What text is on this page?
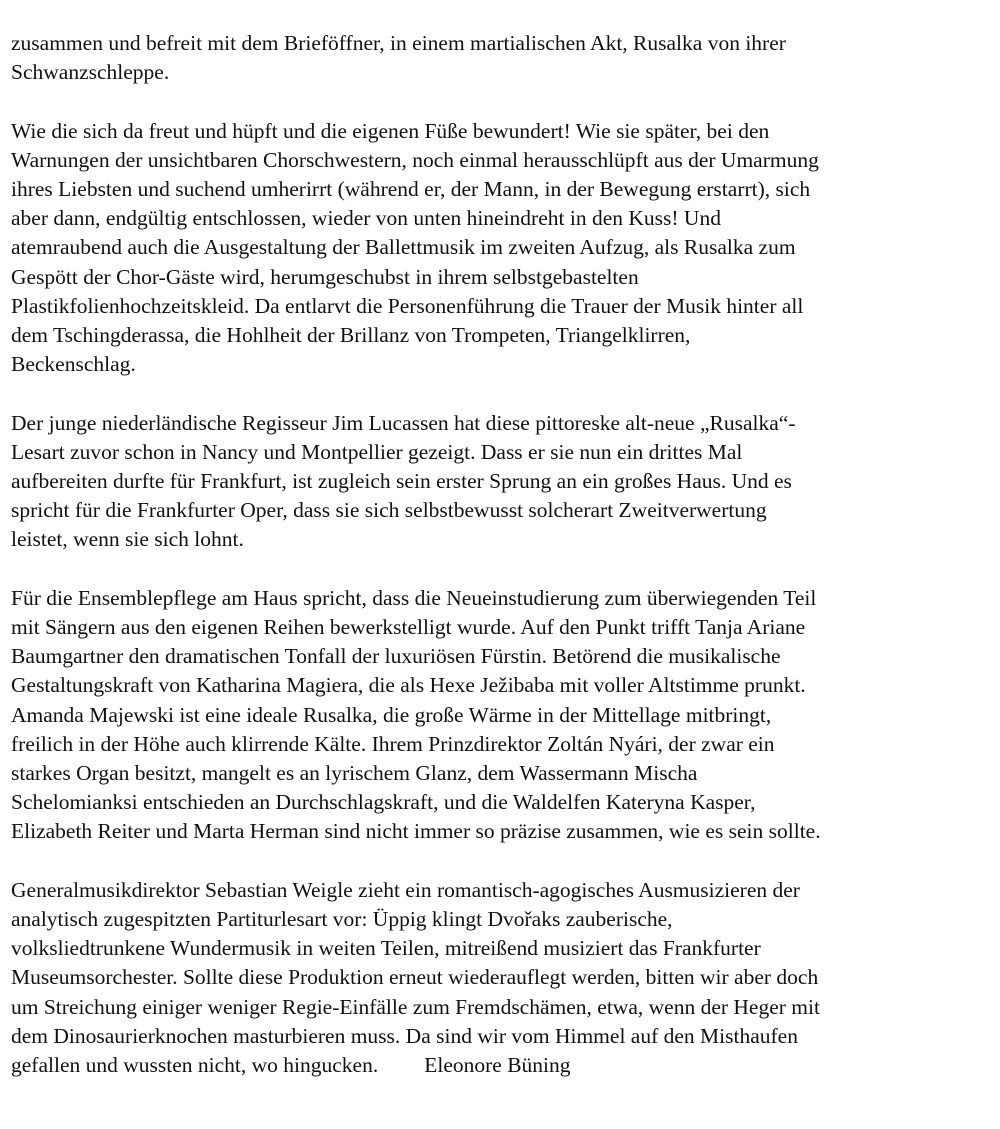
zusammen und befreit mit dem Brieföffner, in einem martialischen Akt, Rusalka von ihrer
Schwanzschleppe.

Wie die sich da freut und hüpft und die eigenen Füße bewundert! Wie sie später, bei den
Warnungen der unsichtbaren Chorschwestern, noch einmal herausschlüpft aus der Umarmung
ihres Liebsten und suchend umherirrt (während er, der Mann, in der Bewegung erstarrt), sich
aber dann, endgültig entschlossen, wieder von unten hineindreht in den Kuss! Und
atemraubend auch die Ausgestaltung der Ballettmusik im zweiten Aufzug, als Rusalka zum
Gespött der Chor-Gäste wird, herumgeschubst in ihrem selbstgebastelten
Plastikfolienhochzeitskleid. Da entlarvt die Personenführung die Trauer der Musik hinter all
dem Tschingderassa, die Hohlheit der Brillanz von Trompeten, Triangelklirren,
Beckenschlag.

Der junge niederländische Regisseur Jim Lucassen hat diese pittoreske alt-neue „Rusalka“-
Lesart zuvor schon in Nancy und Montpellier gezeigt. Dass er sie nun ein drittes Mal
aufbereiten durfte für Frankfurt, ist zugleich sein erster Sprung an ein großes Haus. Und es
spricht für die Frankfurter Oper, dass sie sich selbstbewusst solcherart Zweitverwertung
leistet, wenn sie sich lohnt.

Für die Ensemblepflege am Haus spricht, dass die Neueinstudierung zum überwiegenden Teil
mit Sängern aus den eigenen Reihen bewerkstelligt wurde. Auf den Punkt trifft Tanja Ariane
Baumgartner den dramatischen Tonfall der luxuriösen Fürstin. Betörend die musikalische
Gestaltungskraft von Katharina Magiera, die als Hexe Ježibaba mit voller Altstimme prunkt.
Amanda Majewski ist eine ideale Rusalka, die große Wärme in der Mittellage mitbringt,
freilich in der Höhe auch klirrende Kälte. Ihrem Prinzdirektor Zoltán Nyári, der zwar ein
starkes Organ besitzt, mangelt es an lyrischem Glanz, dem Wassermann Mischa
Schelomianksi entschieden an Durchschlagskraft, und die Waldelfen Kateryna Kasper,
Elizabeth Reiter und Marta Herman sind nicht immer so präzise zusammen, wie es sein sollte.

Generalmusikdirektor Sebastian Weigle zieht ein romantisch-agogisches Ausmusizieren der
analytisch zugespitzten Partiturlesart vor: Üppig klingt Dvořaks zauberische,
volksliedtrunkene Wundermusik in weiten Teilen, mitreißend musiziert das Frankfurter
Museumsorchester. Sollte diese Produktion erneut wiederauflegt werden, bitten wir aber doch
um Streichung einiger weniger Regie-Einfälle zum Fremdschämen, etwa, wenn der Heger mit
dem Dinosaurierknochen masturbieren muss. Da sind wir vom Himmel auf den Misthaufen
gefallen und wussten nicht, wo hingucken. Eleonore Büning
